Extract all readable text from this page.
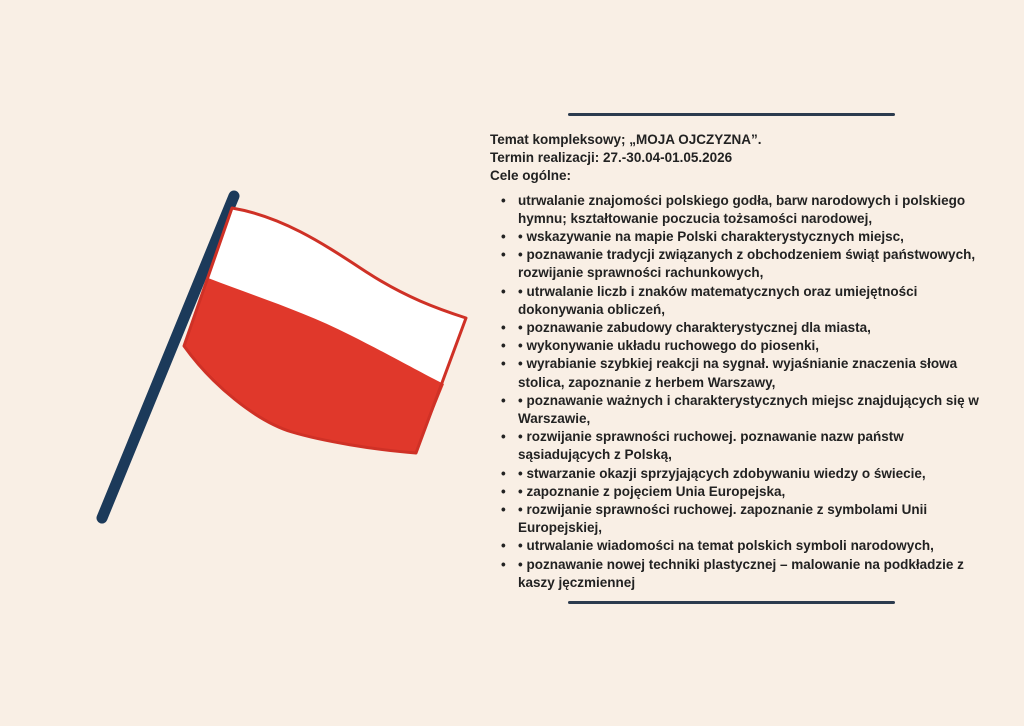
Temat kompleksowy; „MOJA OJCZYZNA”.

Termin realizacji: 27.-30.04-01.05.2026

Cele ogólne:

• utrwalanie znajomości polskiego godła, barw narodowych i polskiego hymnu; kształtowanie poczucia tożsamości narodowej,
• • wskazywanie na mapie Polski charakterystycznych miejsc,
• • poznawanie tradycji związanych z obchodzeniem świąt państwowych, rozwijanie sprawności rachunkowych,
• • utrwalanie liczb i znaków matematycznych oraz umiejętności dokonywania obliczeń,
• • poznawanie zabudowy charakterystycznej dla miasta,
• • wykonywanie układu ruchowego do piosenki,
• • wyrabianie szybkiej reakcji na sygnał. wyjaśnianie znaczenia słowa stolica, zapoznanie z herbem Warszawy,
• • poznawanie ważnych i charakterystycznych miejsc znajdujących się w Warszawie,
• • rozwijanie sprawności ruchowej. poznawanie nazw państw sąsiadujących z Polską,
• • stwarzanie okazji sprzyjających zdobywaniu wiedzy o świecie,
• • zapoznanie z pojęciem Unia Europejska,
• • rozwijanie sprawności ruchowej. zapoznanie z symbolami Unii Europejskiej,
• • utrwalanie wiadomości na temat polskich symboli narodowych,
• • poznawanie nowej techniki plastycznej – malowanie na podkładzie z kaszy jęczmiennej
